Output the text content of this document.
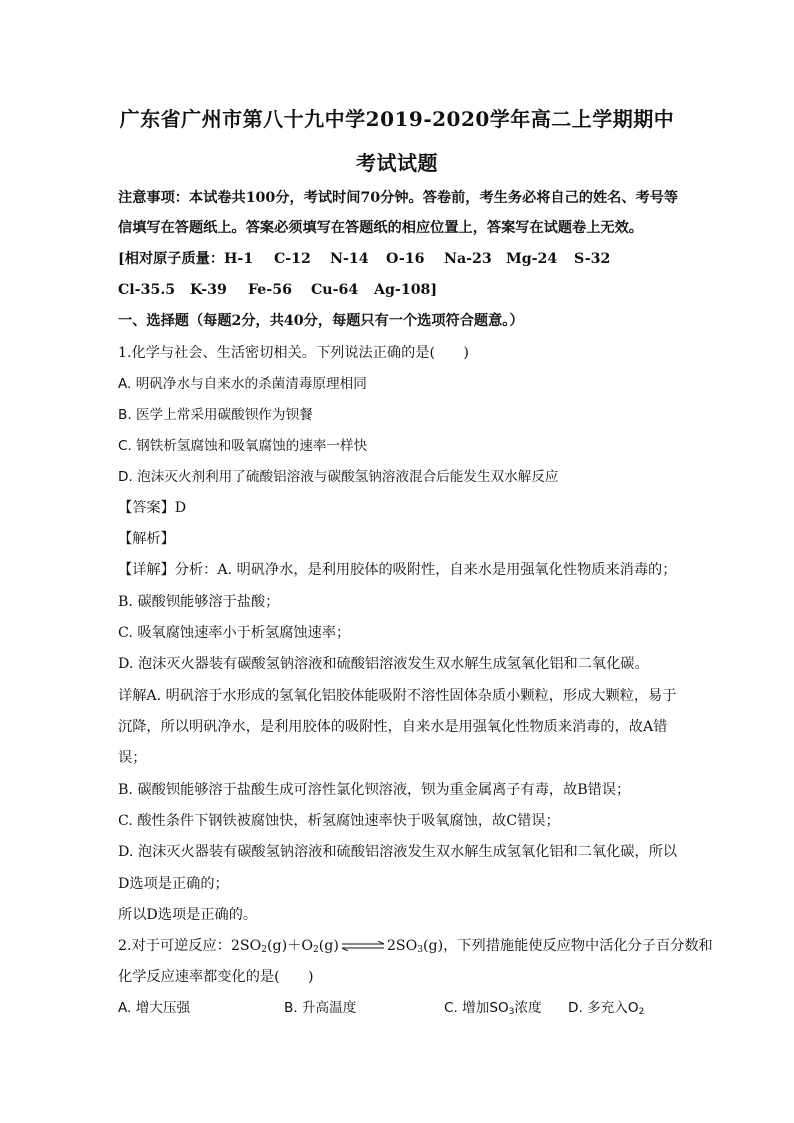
广东省广州市第八十九中学2019-2020学年高二上学期期中
考试试题
注意事项：本试卷共100分，考试时间70分钟。答卷前，考生务必将自己的姓名、考号等
信填写在答题纸上。答案必须填写在答题纸的相应位置上，答案写在试题卷上无效。
[相对原子质量：H-1 C-12 N-14 O-16 Na-23 Mg-24 S-32
Cl-35.5 K-39 Fe-56 Cu-64 Ag-108]
一、选择题（每题2分，共40分，每题只有一个选项符合题意。）
1.化学与社会、生活密切相关。下列说法正确的是(　　)
A. 明矾净水与自来水的杀菌清毒原理相同
B. 医学上常采用碳酸钡作为钡餐
C. 钢铁析氢腐蚀和吸氧腐蚀的速率一样快
D. 泡沫灭火剂利用了硫酸铝溶液与碳酸氢钠溶液混合后能发生双水解反应
【答案】D
【解析】
【详解】分析：A. 明矾净水，是利用胶体的吸附性，自来水是用强氧化性物质来消毒的；
B. 碳酸钡能够溶于盐酸；
C. 吸氧腐蚀速率小于析氢腐蚀速率；
D. 泡沫灭火器装有碳酸氢钠溶液和硫酸铝溶液发生双水解生成氢氧化铝和二氧化碳。
详解A. 明矾溶于水形成的氢氧化铝胶体能吸附不溶性固体杂质小颗粒，形成大颗粒，易于
沉降，所以明矾净水，是利用胶体的吸附性，自来水是用强氧化性物质来消毒的，故A错
误；
B. 碳酸钡能够溶于盐酸生成可溶性氯化钡溶液，钡为重金属离子有毒，故B错误；
C. 酸性条件下钢铁被腐蚀快，析氢腐蚀速率快于吸氧腐蚀，故C错误；
D. 泡沫灭火器装有碳酸氢钠溶液和硫酸铝溶液发生双水解生成氢氧化铝和二氧化碳，所以
D选项是正确的；
所以D选项是正确的。
2.对于可逆反应：$2SO_2(g)+O_2(g)$ ⇌ $2SO_3(g)$，下列措施能使反应物中活化分子百分数和
化学反应速率都变化的是(　　)
A. 增大压强	B. 升高温度	C. 增加$SO_3$浓度 D. 多充入$O_2$
